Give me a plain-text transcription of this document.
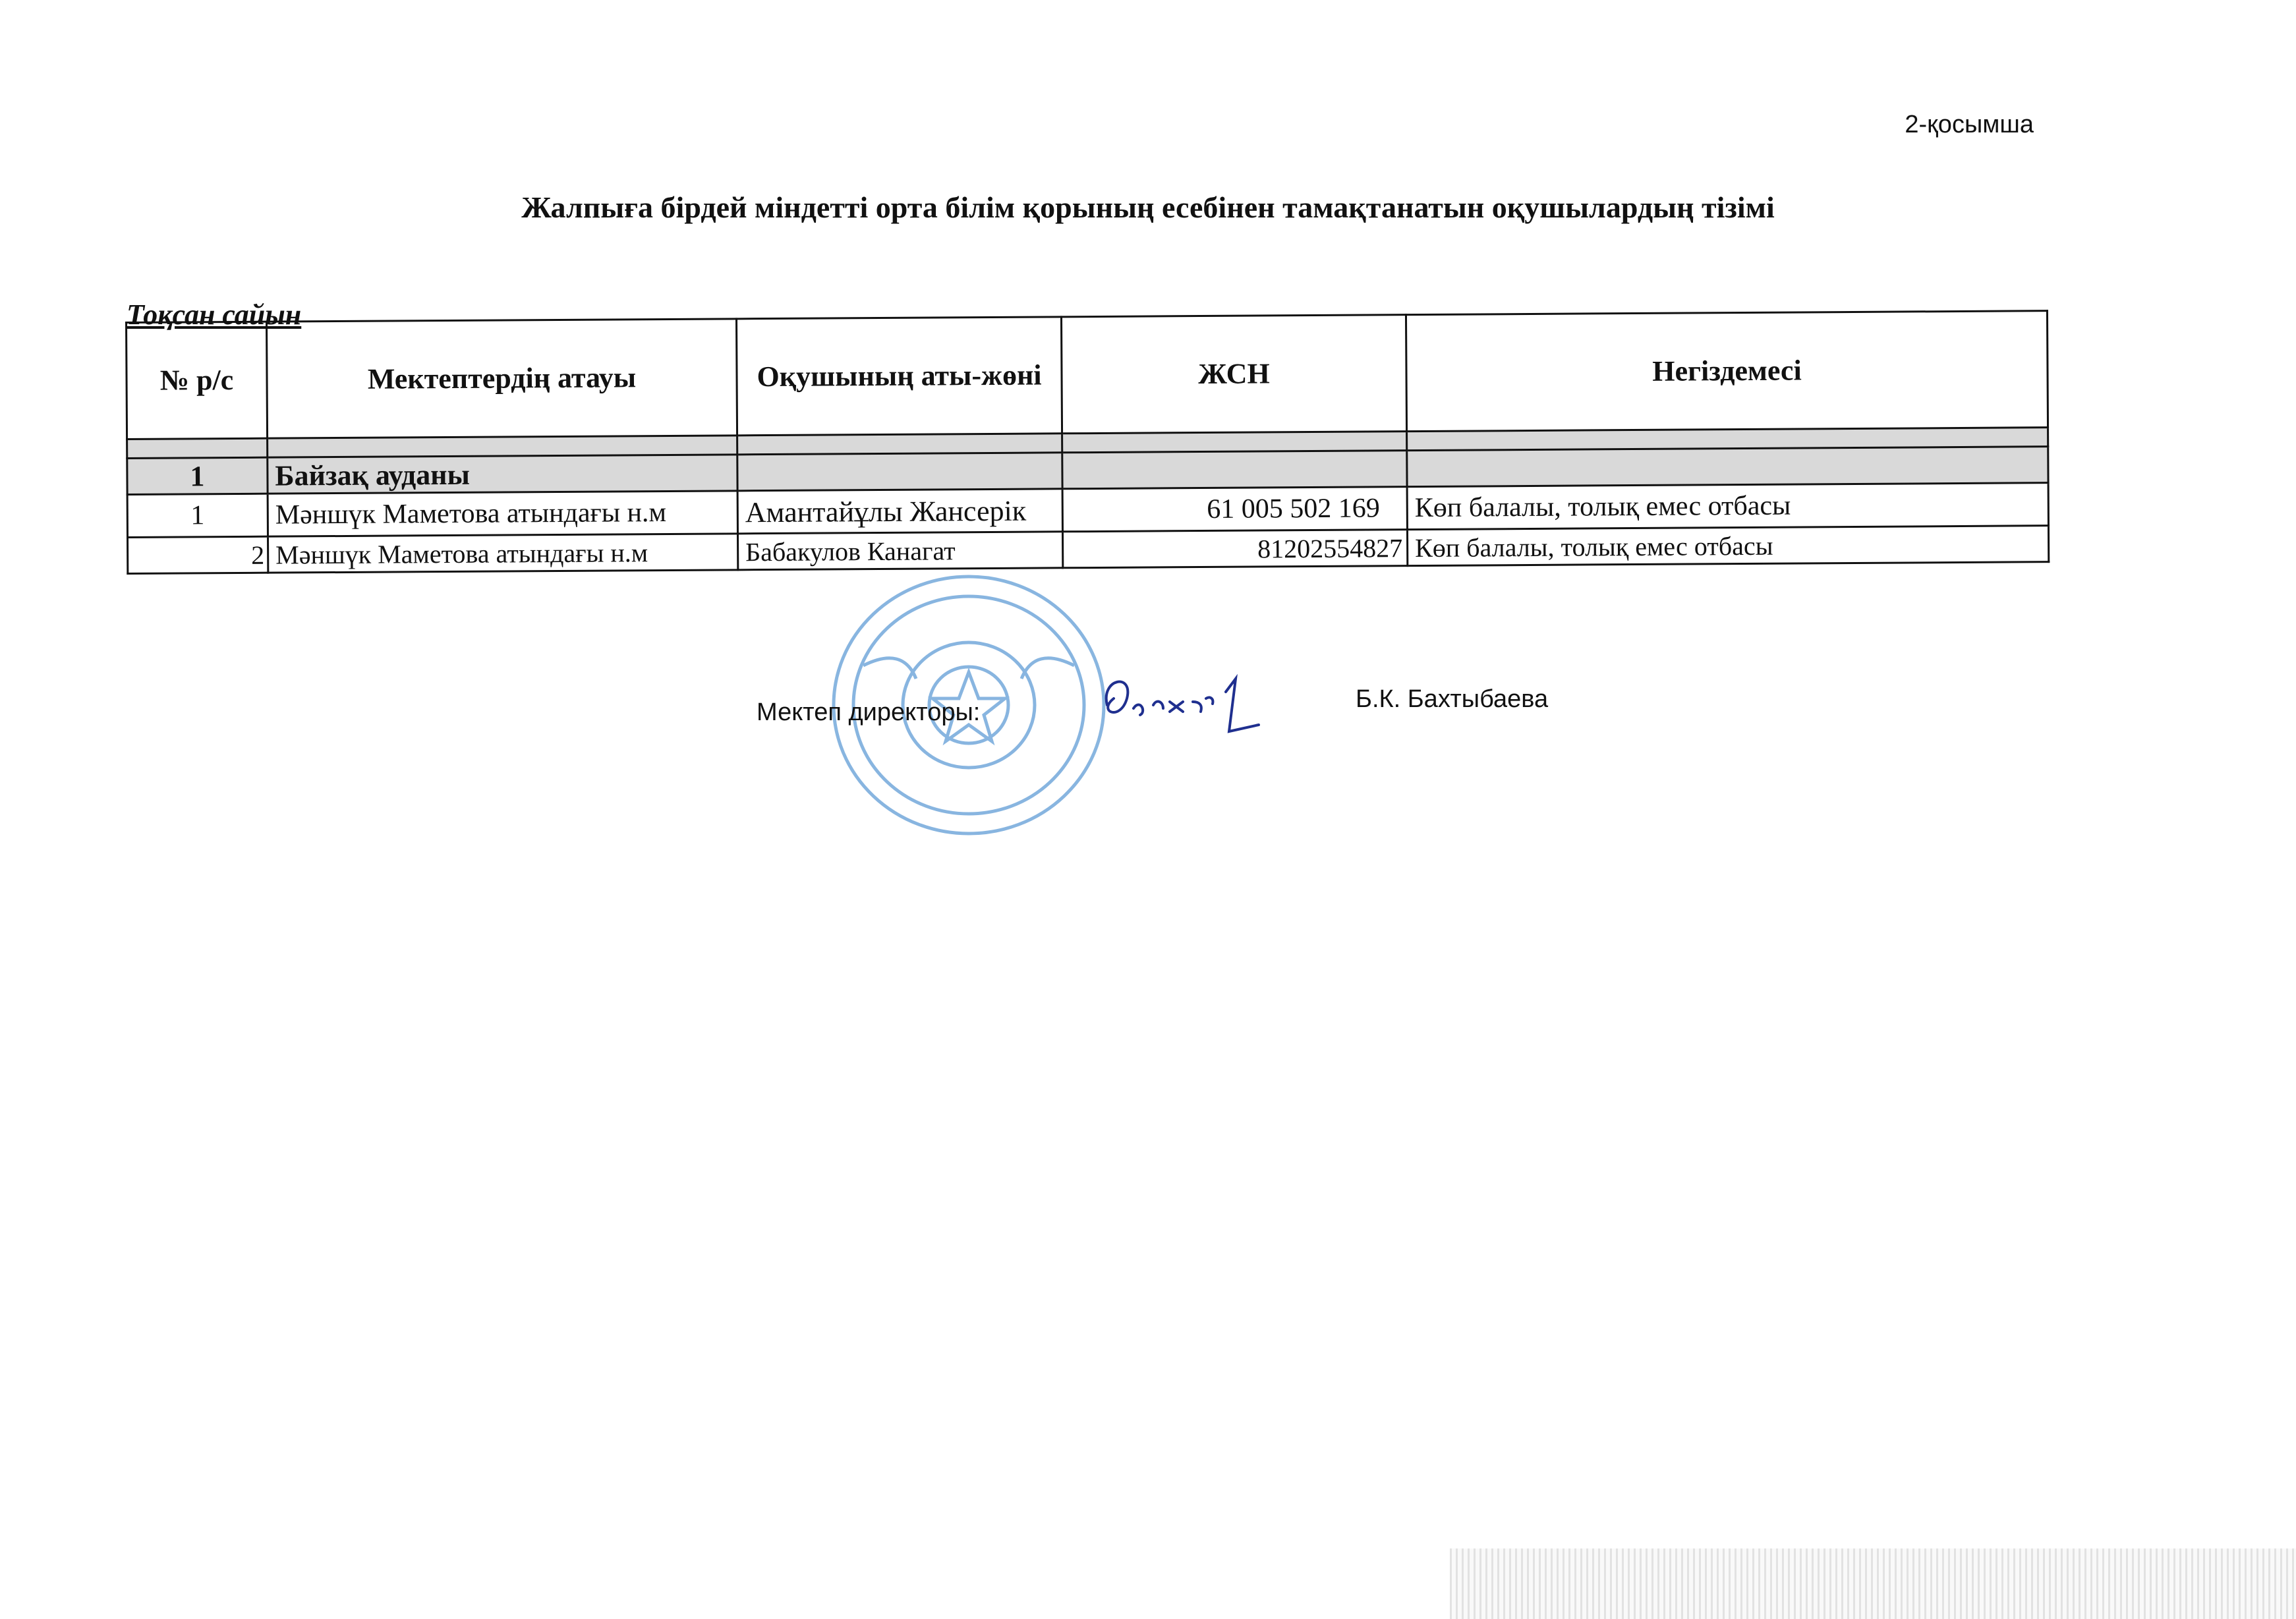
2-қосымша
Жалпыға бірдей міндетті орта білім қорының есебінен тамақтанатын оқушылардың тізімі
Тоқсан сайын
№ р/с	Мектептердің атауы	Оқушының аты-жөні	ЖСН	Негіздемесі

1	Байзақ ауданы			
1	Мәншүк Маметова атындағы н.м	Амантайұлы Жансерік	61 005 502 169	Көп балалы, толық емес отбасы
2	Мәншүк Маметова атындағы н.м	Бабакулов Канагат	81202554827	Көп балалы, толық емес отбасы
Мектеп директоры:	Б.К. Бахтыбаева
